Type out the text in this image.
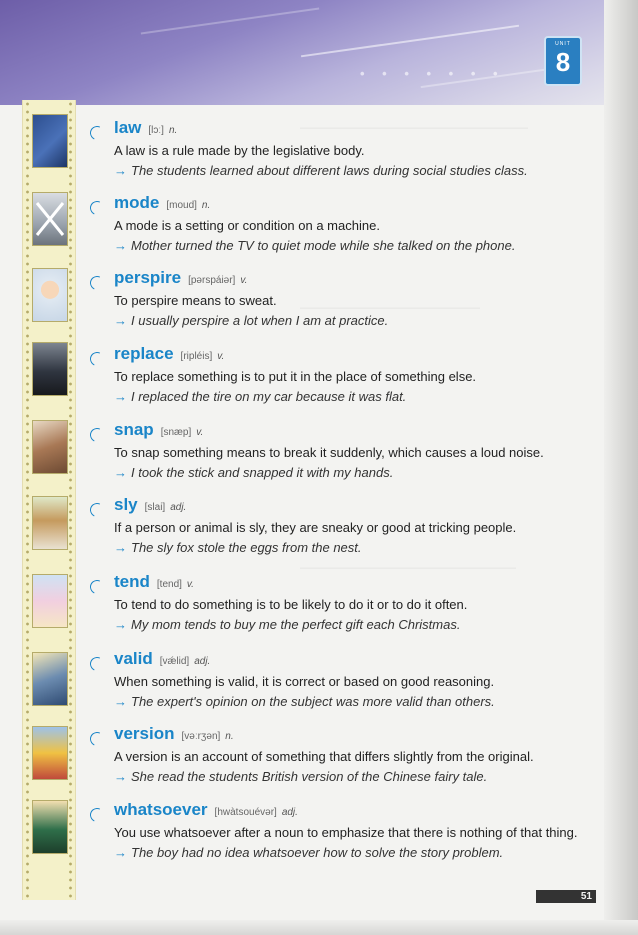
• • • • • • •
UNIT
8
———————————————————
———————————————
——————————————————
law [lɔː] n.
A law is a rule made by the legislative body.
→ The students learned about different laws during social studies class.
mode [moud] n.
A mode is a setting or condition on a machine.
→ Mother turned the TV to quiet mode while she talked on the phone.
perspire [pərspáiər] v.
To perspire means to sweat.
→ I usually perspire a lot when I am at practice.
replace [ripléis] v.
To replace something is to put it in the place of something else.
→ I replaced the tire on my car because it was flat.
snap [snæp] v.
To snap something means to break it suddenly, which causes a loud noise.
→ I took the stick and snapped it with my hands.
sly [slai] adj.
If a person or animal is sly, they are sneaky or good at tricking people.
→ The sly fox stole the eggs from the nest.
tend [tend] v.
To tend to do something is to be likely to do it or to do it often.
→ My mom tends to buy me the perfect gift each Christmas.
valid [vǽlid] adj.
When something is valid, it is correct or based on good reasoning.
→ The expert's opinion on the subject was more valid than others.
version [vəːrʒən] n.
A version is an account of something that differs slightly from the original.
→ She read the students British version of the Chinese fairy tale.
whatsoever [hwàtsouévər] adj.
You use whatsoever after a noun to emphasize that there is nothing of that thing.
→ The boy had no idea whatsoever how to solve the story problem.
51
